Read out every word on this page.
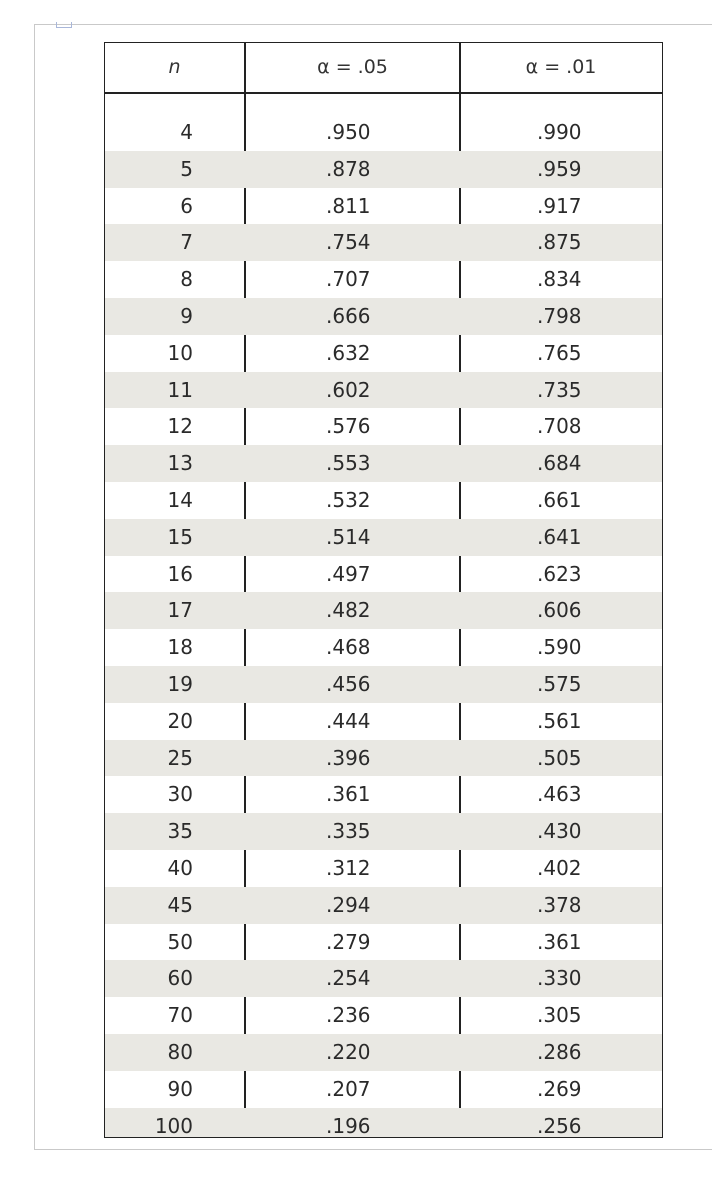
n	α = .05	α = .01
4	.950	.990
5	.878	.959
6	.811	.917
7	.754	.875
8	.707	.834
9	.666	.798
10	.632	.765
11	.602	.735
12	.576	.708
13	.553	.684
14	.532	.661
15	.514	.641
16	.497	.623
17	.482	.606
18	.468	.590
19	.456	.575
20	.444	.561
25	.396	.505
30	.361	.463
35	.335	.430
40	.312	.402
45	.294	.378
50	.279	.361
60	.254	.330
70	.236	.305
80	.220	.286
90	.207	.269
100	.196	.256
